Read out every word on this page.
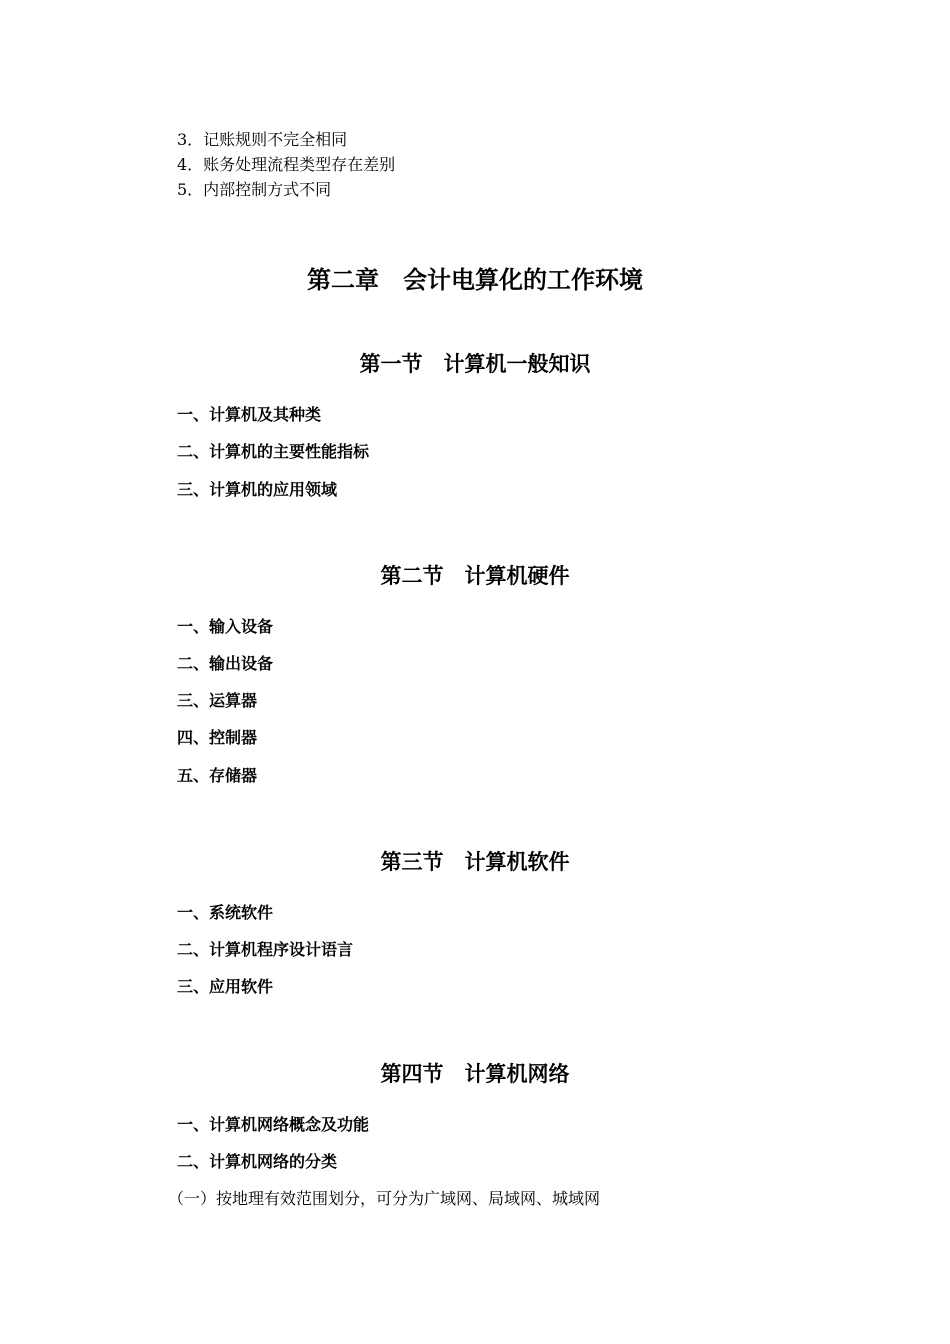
3．记账规则不完全相同
4．账务处理流程类型存在差别
5．内部控制方式不同
第二章　会计电算化的工作环境
第一节　计算机一般知识
一、计算机及其种类
二、计算机的主要性能指标
三、计算机的应用领域
第二节　计算机硬件
一、输入设备
二、输出设备
三、运算器
四、控制器
五、存储器
第三节　计算机软件
一、系统软件
二、计算机程序设计语言
三、应用软件
第四节　计算机网络
一、计算机网络概念及功能
二、计算机网络的分类
（一）按地理有效范围划分，可分为广域网、局域网、城域网
